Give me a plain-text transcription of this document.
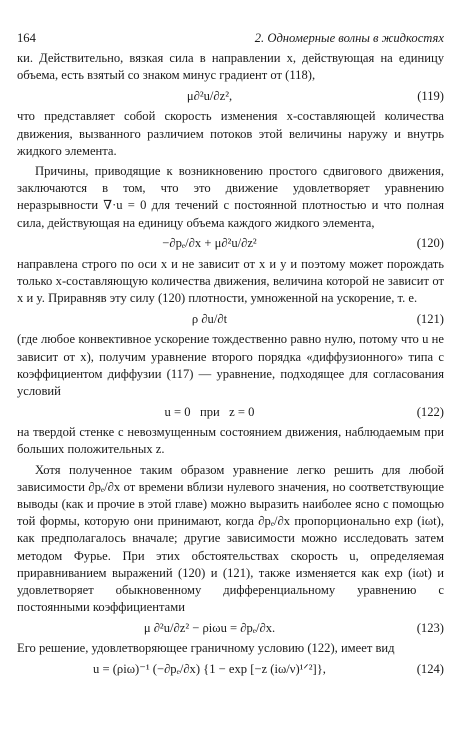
164	2. Одномерные волны в жидкостях

ки. Действительно, вязкая сила в направлении x, действующая на единицу объема, есть взятый со знаком минус градиент от (118),

μ∂²u/∂z²,	(119)

что представляет собой скорость изменения x-составляющей количества движения, вызванного различием потоков этой величины наружу и внутрь жидкого элемента.

Причины, приводящие к возникновению простого сдвигового движения, заключаются в том, что это движение удовлетворяет уравнению неразрывности ∇·u = 0 для течений с постоянной плотностью и что полная сила, действующая на единицу объема каждого жидкого элемента,

−∂pₑ/∂x + μ∂²u/∂z²	(120)

направлена строго по оси x и не зависит от x и y и поэтому может порождать только x-составляющую количества движения, величина которой не зависит от x и y. Приравняв эту силу (120) плотности, умноженной на ускорение, т. е.

ρ ∂u/∂t	(121)

(где любое конвективное ускорение тождественно равно нулю, потому что u не зависит от x), получим уравнение второго порядка «диффузионного» типа с коэффициентом диффузии (117) — уравнение, подходящее для согласования условий

u = 0   при   z = 0	(122)

на твердой стенке с невозмущенным состоянием движения, наблюдаемым при больших положительных z.

Хотя полученное таким образом уравнение легко решить для любой зависимости ∂pₑ/∂x от времени вблизи нулевого значения, но соответствующие выводы (как и прочие в этой главе) можно выразить наиболее ясно с помощью той формы, которую они принимают, когда ∂pₑ/∂x пропорционально exp (iωt), как предполагалось вначале; другие зависимости можно исследовать затем методом Фурье. При этих обстоятельствах скорость u, определяемая приравниванием выражений (120) и (121), также изменяется как exp (iωt) и удовлетворяет обыкновенному дифференциальному уравнению с постоянными коэффициентами

μ ∂²u/∂z² − ρiωu = ∂pₑ/∂x.	(123)

Его решение, удовлетворяющее граничному условию (122), имеет вид

u = (ρiω)⁻¹ (−∂pₑ/∂x) {1 − exp [−z (iω/ν)¹ᐟ²]},	(124)
